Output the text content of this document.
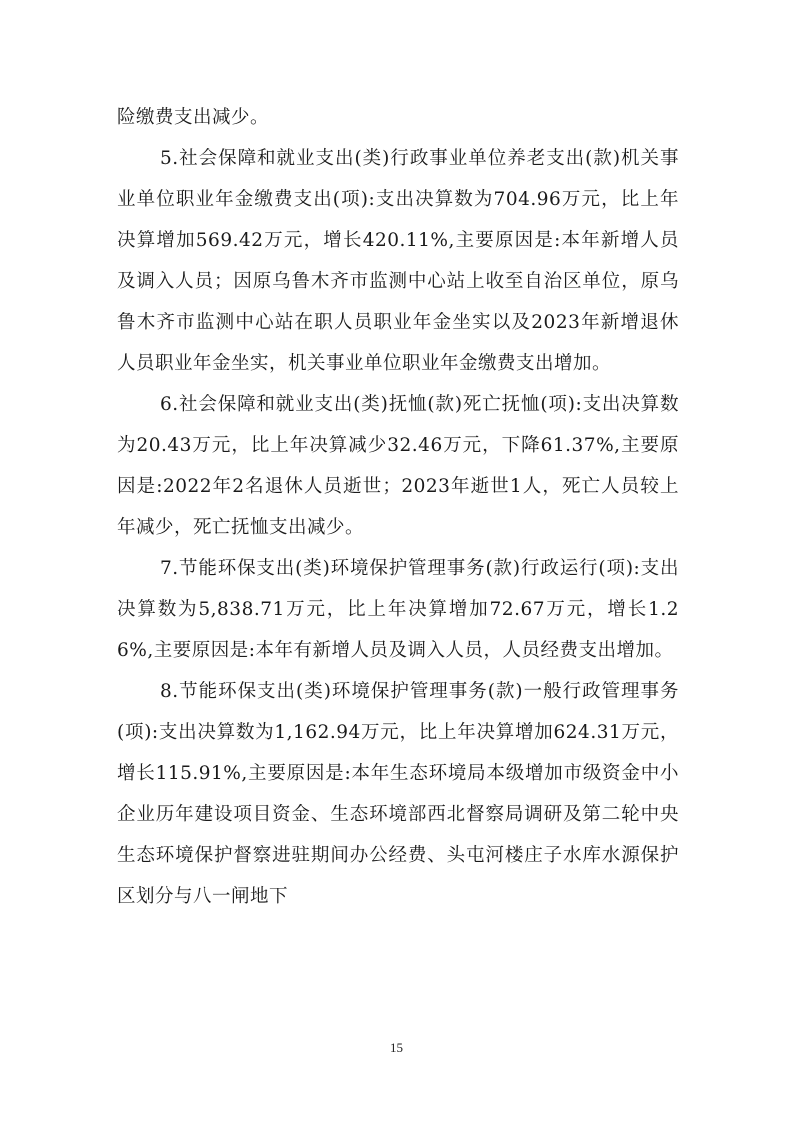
险缴费支出减少。

5.社会保障和就业支出(类)行政事业单位养老支出(款)机关事业单位职业年金缴费支出(项):支出决算数为704.96万元，比上年决算增加569.42万元，增长420.11%,主要原因是:本年新增人员及调入人员；因原乌鲁木齐市监测中心站上收至自治区单位，原乌鲁木齐市监测中心站在职人员职业年金坐实以及2023年新增退休人员职业年金坐实，机关事业单位职业年金缴费支出增加。

6.社会保障和就业支出(类)抚恤(款)死亡抚恤(项):支出决算数为20.43万元，比上年决算减少32.46万元，下降61.37%,主要原因是:2022年2名退休人员逝世；2023年逝世1人，死亡人员较上年减少，死亡抚恤支出减少。

7.节能环保支出(类)环境保护管理事务(款)行政运行(项):支出决算数为5,838.71万元，比上年决算增加72.67万元，增长1.26%,主要原因是:本年有新增人员及调入人员，人员经费支出增加。

8.节能环保支出(类)环境保护管理事务(款)一般行政管理事务(项):支出决算数为1,162.94万元，比上年决算增加624.31万元，增长115.91%,主要原因是:本年生态环境局本级增加市级资金中小企业历年建设项目资金、生态环境部西北督察局调研及第二轮中央生态环境保护督察进驻期间办公经费、头屯河楼庄子水库水源保护区划分与八一闸地下

15
